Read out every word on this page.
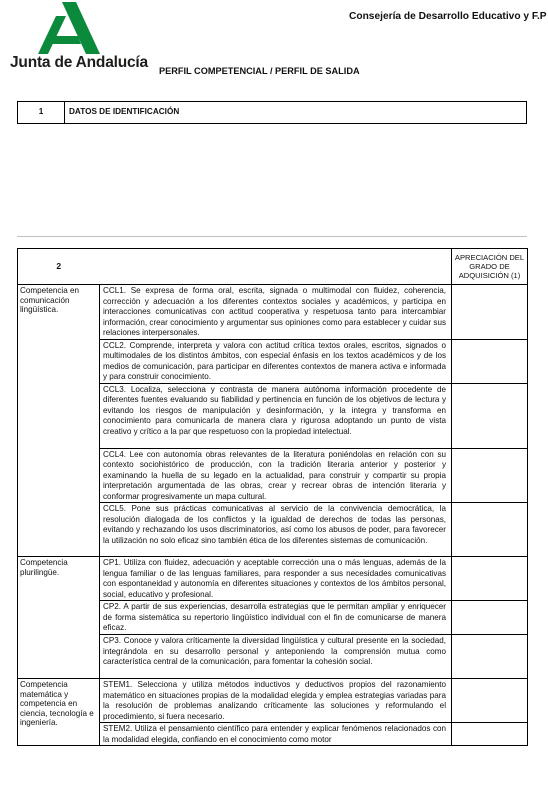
Junta de Andalucía
Consejería de Desarrollo Educativo y F.P
PERFIL COMPETENCIAL / PERFIL DE SALIDA
1	DATOS DE IDENTIFICACIÓN
2		APRECIACIÓN DEL GRADO DE ADQUISICIÓN (1)
Competencia en comunicación lingüística.	CCL1. Se expresa de forma oral, escrita, signada o multimodal con fluidez, coherencia, corrección y adecuación a los diferentes contextos sociales y académicos, y participa en interacciones comunicativas con actitud cooperativa y respetuosa tanto para intercambiar información, crear conocimiento y argumentar sus opiniones como para establecer y cuidar sus relaciones interpersonales.	
	CCL2. Comprende, interpreta y valora con actitud crítica textos orales, escritos, signados o multimodales de los distintos ámbitos, con especial énfasis en los textos académicos y de los medios de comunicación, para participar en diferentes contextos de manera activa e informada y para construir conocimiento.	
	CCL3. Localiza, selecciona y contrasta de manera autónoma información procedente de diferentes fuentes evaluando su fiabilidad y pertinencia en función de los objetivos de lectura y evitando los riesgos de manipulación y desinformación, y la integra y transforma en conocimiento para comunicarla de manera clara y rigurosa adoptando un punto de vista creativo y crítico a la par que respetuoso con la propiedad intelectual.	
	CCL4. Lee con autonomía obras relevantes de la literatura poniéndolas en relación con su contexto sociohistórico de producción, con la tradición literaria anterior y posterior y examinando la huella de su legado en la actualidad, para construir y compartir su propia interpretación argumentada de las obras, crear y recrear obras de intención literaria y conformar progresivamente un mapa cultural.	
	CCL5. Pone sus prácticas comunicativas al servicio de la convivencia democrática, la resolución dialogada de los conflictos y la igualdad de derechos de todas las personas, evitando y rechazando los usos discriminatorios, así como los abusos de poder, para favorecer la utilización no solo eficaz sino también ética de los diferentes sistemas de comunicación.	
Competencia plurilingüe.	CP1. Utiliza con fluidez, adecuación y aceptable corrección una o más lenguas, además de la lengua familiar o de las lenguas familiares, para responder a sus necesidades comunicativas con espontaneidad y autonomía en diferentes situaciones y contextos de los ámbitos personal, social, educativo y profesional.	
	CP2. A partir de sus experiencias, desarrolla estrategias que le permitan ampliar y enriquecer de forma sistemática su repertorio lingüístico individual con el fin de comunicarse de manera eficaz.	
	CP3. Conoce y valora críticamente la diversidad lingüística y cultural presente en la sociedad, integrándola en su desarrollo personal y anteponiendo la comprensión mutua como característica central de la comunicación, para fomentar la cohesión social.	
Competencia matemática y competencia en ciencia, tecnología e ingeniería.	STEM1. Selecciona y utiliza métodos inductivos y deductivos propios del razonamiento matemático en situaciones propias de la modalidad elegida y emplea estrategias variadas para la resolución de problemas analizando críticamente las soluciones y reformulando el procedimiento, si fuera necesario.	
	STEM2. Utiliza el pensamiento científico para entender y explicar fenómenos relacionados con la modalidad elegida, confiando en el conocimiento como motor	
